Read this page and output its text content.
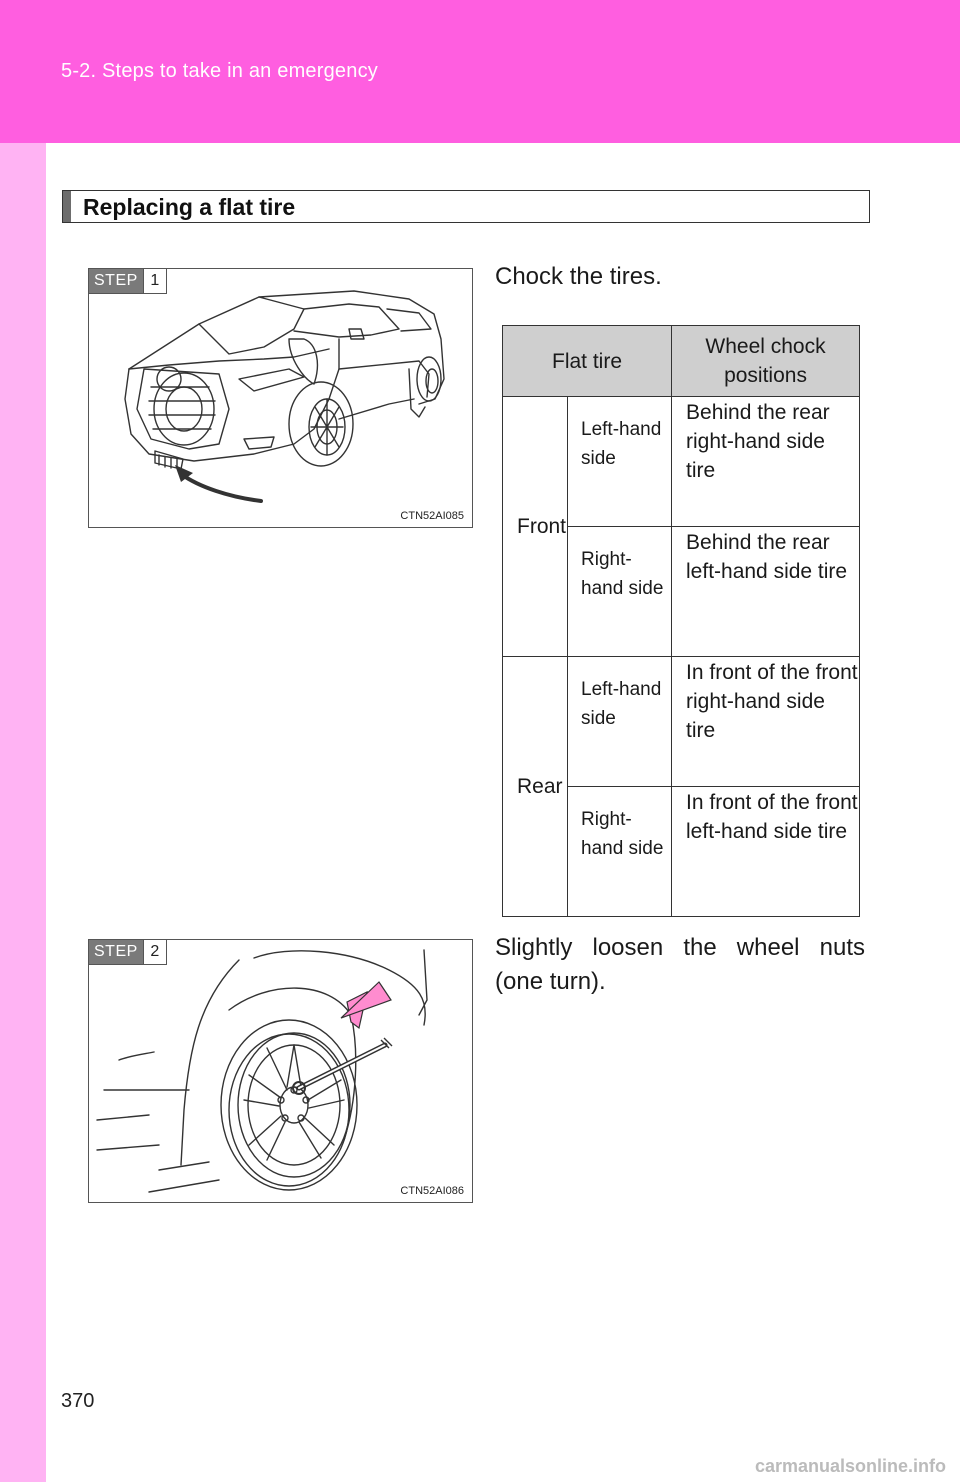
5-2. Steps to take in an emergency
Replacing a flat tire
STEP 1
CTN52AI085
Chock the tires.
Flat tire		Wheel chock positions
Front	Left-hand side	Behind the rear right-hand side tire
	Right-hand side	Behind the rear left-hand side tire
Rear	Left-hand side	In front of the front right-hand side tire
	Right-hand side	In front of the front left-hand side tire
STEP 2
CTN52AI086
Slightly loosen the wheel nuts (one turn).
370
carmanualsonline.info
